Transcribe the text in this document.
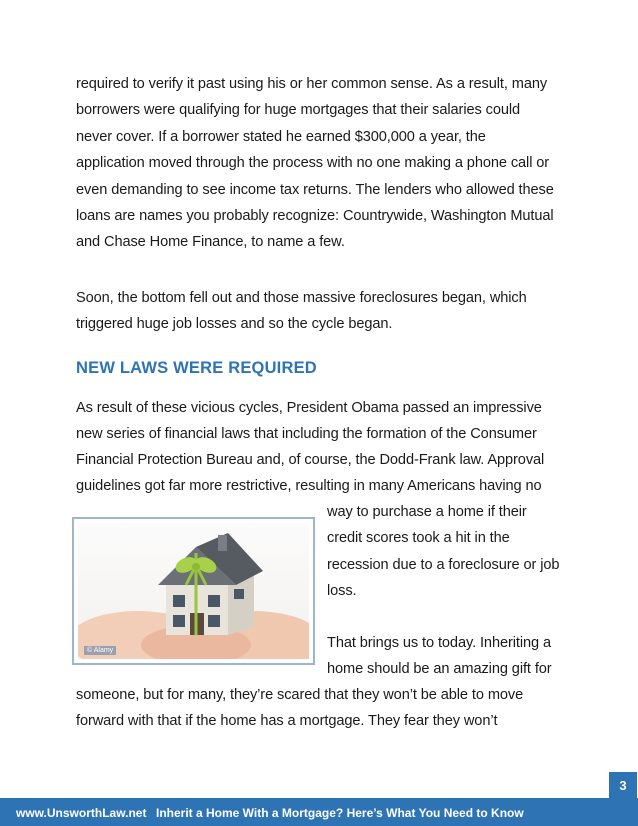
required to verify it past using his or her common sense. As a result, many
borrowers were qualifying for huge mortgages that their salaries could
never cover. If a borrower stated he earned $300,000 a year, the
application moved through the process with no one making a phone call or
even demanding to see income tax returns. The lenders who allowed these
loans are names you probably recognize: Countrywide, Washington Mutual
and Chase Home Finance, to name a few.
Soon, the bottom fell out and those massive foreclosures began, which
triggered huge job losses and so the cycle began.
NEW LAWS WERE REQUIRED
As result of these vicious cycles, President Obama passed an impressive
new series of financial laws that including the formation of the Consumer
Financial Protection Bureau and, of course, the Dodd-Frank law. Approval
guidelines got far more restrictive, resulting in many Americans having no
way to purchase a home if their
credit scores took a hit in the
recession due to a foreclosure or job
loss.
That brings us to today. Inheriting a
home should be an amazing gift for
© Alamy
someone, but for many, they’re scared that they won’t be able to move
forward with that if the home has a mortgage. They fear they won’t
3
www.UnsworthLaw.net Inherit a Home With a Mortgage? Here’s What You Need to Know
